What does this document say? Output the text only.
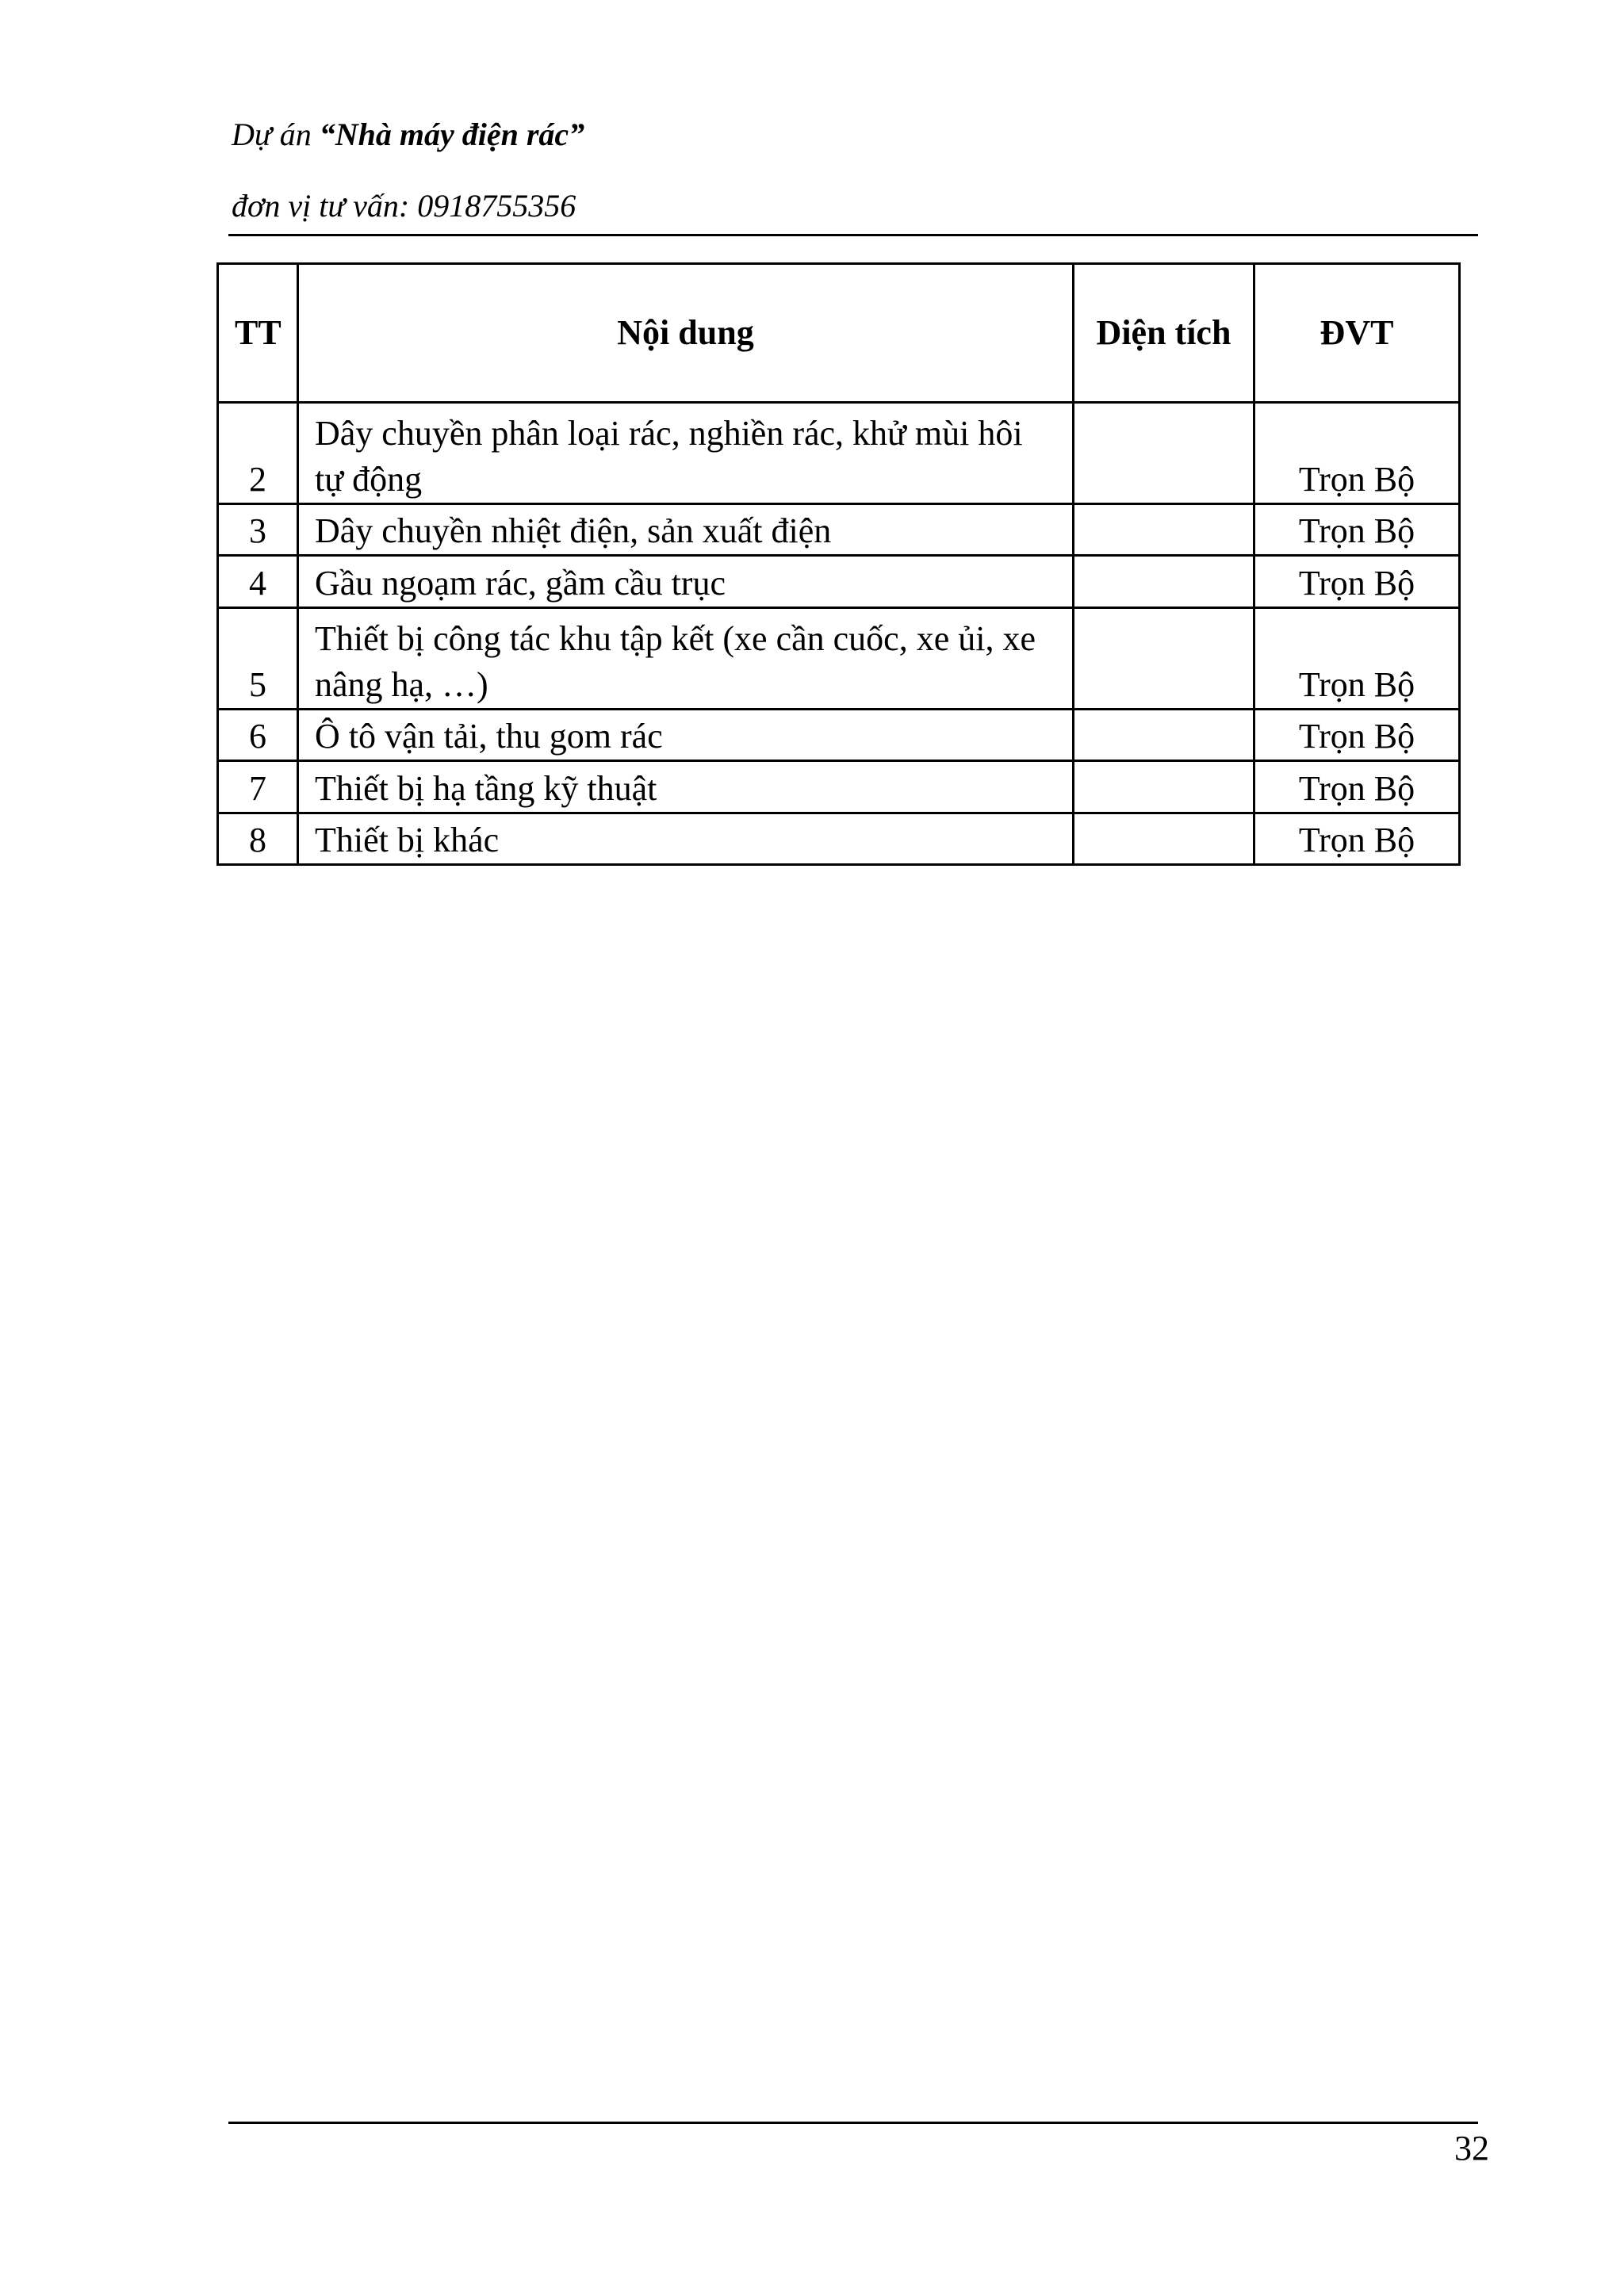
Dự án “Nhà máy điện rác”
đơn vị tư vấn: 0918755356
TT	Nội dung	Diện tích	ĐVT
2	Dây chuyền phân loại rác, nghiền rác, khử mùi hôi tự động		Trọn Bộ
3	Dây chuyền nhiệt điện, sản xuất điện		Trọn Bộ
4	Gầu ngoạm rác, gầm cầu trục		Trọn Bộ
5	Thiết bị công tác khu tập kết (xe cần cuốc, xe ủi, xe nâng hạ, …)		Trọn Bộ
6	Ô tô vận tải, thu gom rác		Trọn Bộ
7	Thiết bị hạ tầng kỹ thuật		Trọn Bộ
8	Thiết bị khác		Trọn Bộ
32
